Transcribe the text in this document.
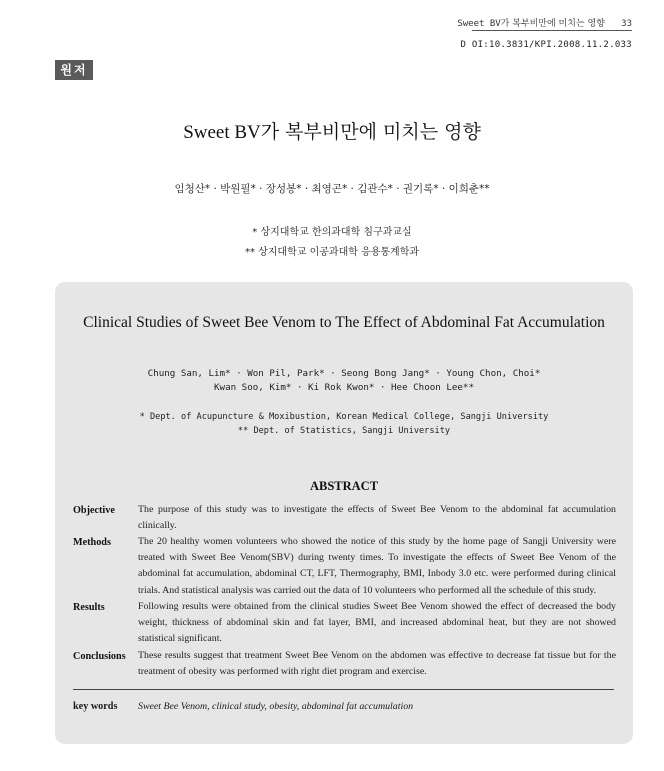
Sweet BV가 복부비만에 미치는 영향 33
D OI:10.3831/KPI.2008.11.2.033
원저
Sweet BV가 복부비만에 미치는 영향
임청산* · 박원필* · 장성봉* · 최영곤* · 김관수* · 권기록* · 이희춘**
* 상지대학교 한의과대학 침구과교실
** 상지대학교 이공과대학 응용통계학과
Clinical Studies of Sweet Bee Venom to The Effect of Abdominal Fat Accumulation
Chung San, Lim* · Won Pil, Park* · Seong Bong Jang* · Young Chon, Choi*
Kwan Soo, Kim* · Ki Rok Kwon* · Hee Choon Lee**
* Dept. of Acupuncture & Moxibustion, Korean Medical College, Sangji University
** Dept. of Statistics, Sangji University
ABSTRACT
Objective The purpose of this study was to investigate the effects of Sweet Bee Venom to the abdominal fat accumulation clinically.
Methods	The 20 healthy women volunteers who showed the notice of this study by the home page of Sangji University were treated with Sweet Bee Venom(SBV) during twenty times. To investigate the effects of Sweet Bee Venom of the abdominal fat accumulation, abdominal CT, LFT, Thermography, BMI, Inbody 3.0 etc. were performed during clinical trials. And statistical analysis was carried out the data of 10 volunteers who performed all the schedule of this study.
Results	Following results were obtained from the clinical studies Sweet Bee Venom showed the effect of decreased the body weight, thickness of abdominal skin and fat layer, BMI, and increased abdominal heat, but they are not showed statistical significant.
Conclusions These results suggest that treatment Sweet Bee Venom on the abdomen was effective to decrease fat tissue but for the treatment of obesity was performed with right diet program and exercise.
key words Sweet Bee Venom, clinical study, obesity, abdominal fat accumulation
